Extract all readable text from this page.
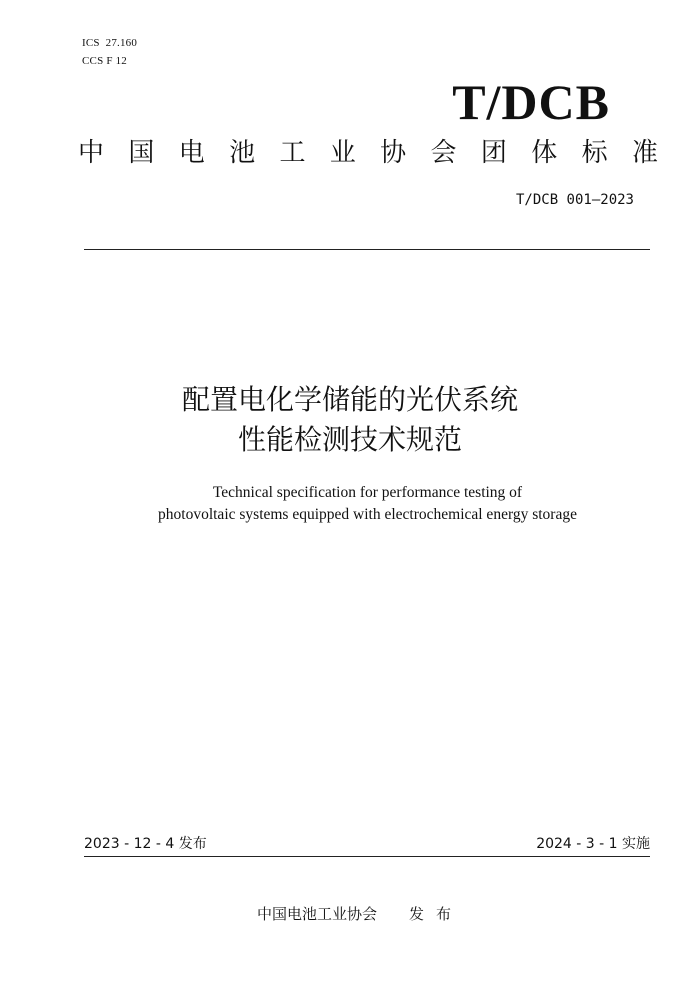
ICS  27.160
CCS F 12
T/DCB
中 国 电 池 工 业 协 会 团 体 标 准
T/DCB 001—2023
配置电化学储能的光伏系统
性能检测技术规范
Technical specification for performance testing of
photovoltaic systems equipped with electrochemical energy storage
2023 - 12 - 4 发布	2024 - 3 - 1 实施
中国电池工业协会 发布
